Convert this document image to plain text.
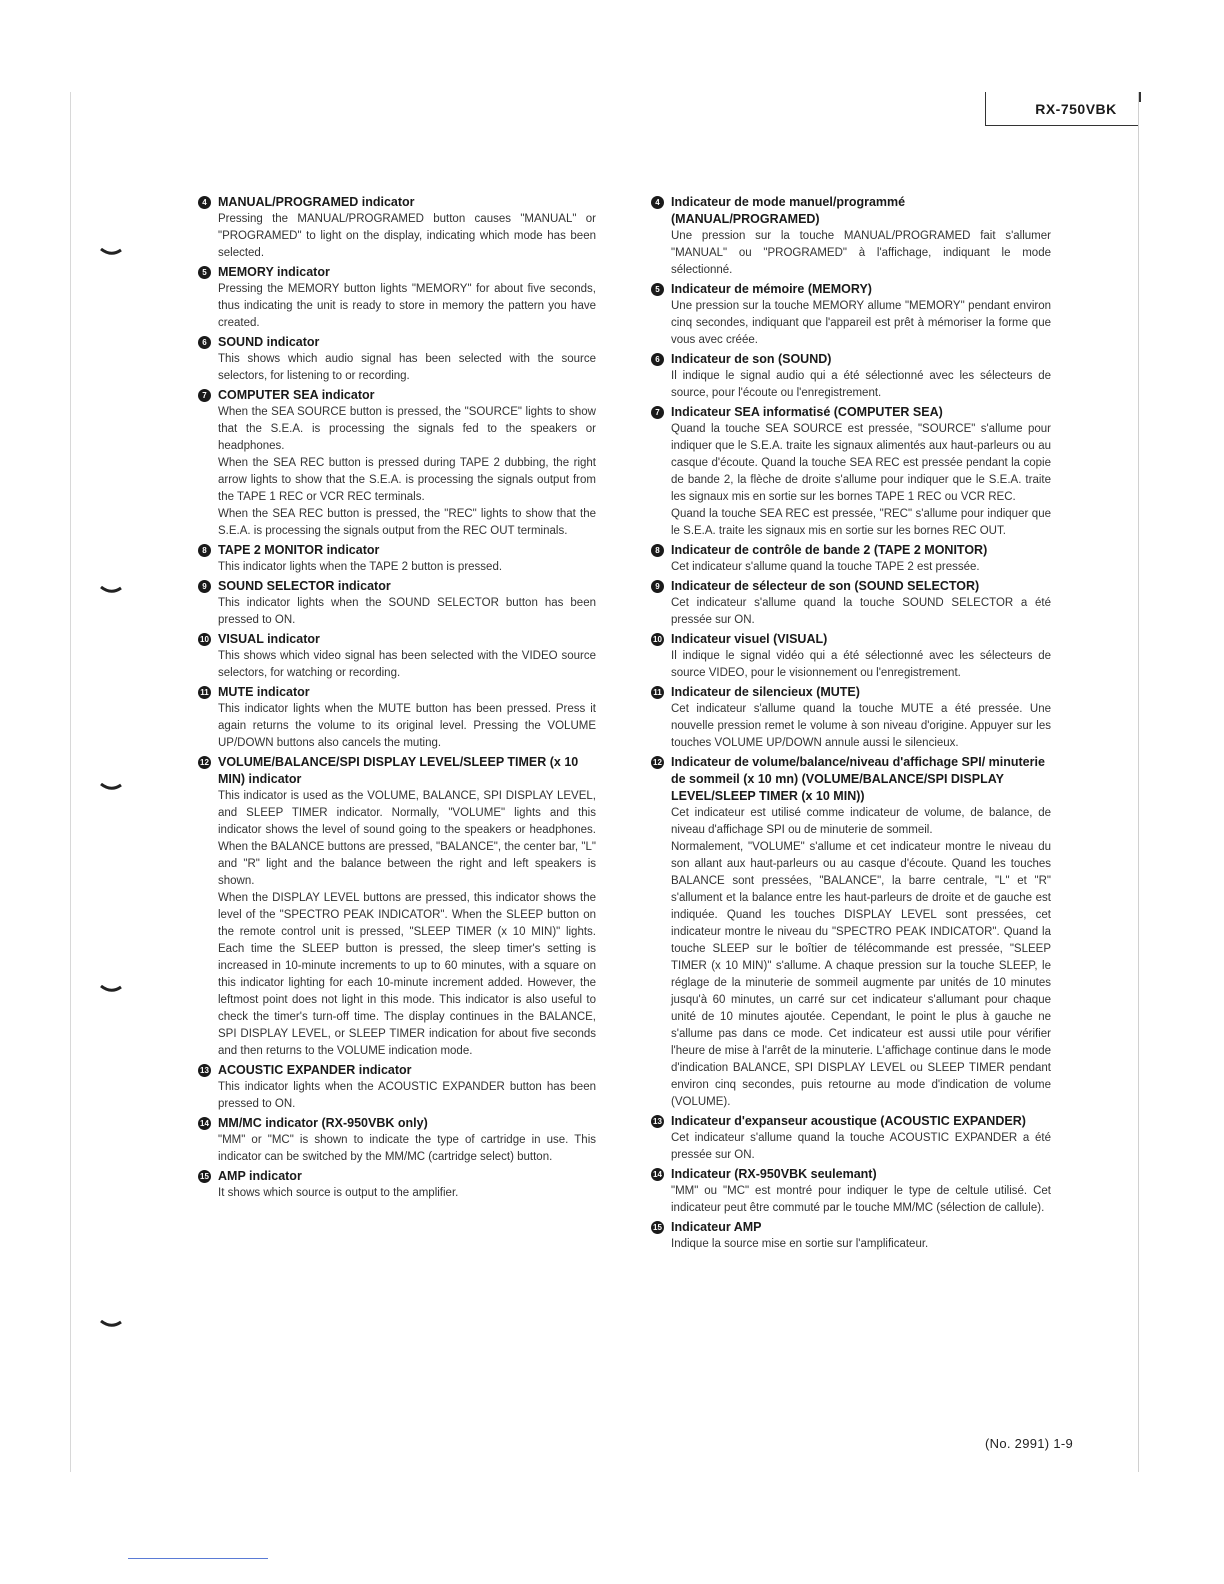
RX-750VBK
4 MANUAL/PROGRAMED indicator

Pressing the MANUAL/PROGRAMED button causes "MANUAL" or "PROGRAMED" to light on the display, indicating which mode has been selected.

5 MEMORY indicator

Pressing the MEMORY button lights "MEMORY" for about five seconds, thus indicating the unit is ready to store in memory the pattern you have created.

6 SOUND indicator

This shows which audio signal has been selected with the source selectors, for listening to or recording.

7 COMPUTER SEA indicator

When the SEA SOURCE button is pressed, the "SOURCE" lights to show that the S.E.A. is processing the signals fed to the speakers or headphones.

When the SEA REC button is pressed during TAPE 2 dubbing, the right arrow lights to show that the S.E.A. is processing the signals output from the TAPE 1 REC or VCR REC terminals.

When the SEA REC button is pressed, the "REC" lights to show that the S.E.A. is processing the signals output from the REC OUT terminals.

8 TAPE 2 MONITOR indicator

This indicator lights when the TAPE 2 button is pressed.

9 SOUND SELECTOR indicator

This indicator lights when the SOUND SELECTOR button has been pressed to ON.

10 VISUAL indicator

This shows which video signal has been selected with the VIDEO source selectors, for watching or recording.

11 MUTE indicator

This indicator lights when the MUTE button has been pressed. Press it again returns the volume to its original level. Pressing the VOLUME UP/DOWN buttons also cancels the muting.

12 VOLUME/BALANCE/SPI DISPLAY LEVEL/SLEEP TIMER (x 10 MIN) indicator

This indicator is used as the VOLUME, BALANCE, SPI DISPLAY LEVEL, and SLEEP TIMER indicator. Normally, "VOLUME" lights and this indicator shows the level of sound going to the speakers or headphones. When the BALANCE buttons are pressed, "BALANCE", the center bar, "L" and "R" light and the balance between the right and left speakers is shown.

When the DISPLAY LEVEL buttons are pressed, this indicator shows the level of the "SPECTRO PEAK INDICATOR". When the SLEEP button on the remote control unit is pressed, "SLEEP TIMER (x 10 MIN)" lights. Each time the SLEEP button is pressed, the sleep timer's setting is increased in 10-minute increments to up to 60 minutes, with a square on this indicator lighting for each 10-minute increment added. However, the leftmost point does not light in this mode. This indicator is also useful to check the timer's turn-off time. The display continues in the BALANCE, SPI DISPLAY LEVEL, or SLEEP TIMER indication for about five seconds and then returns to the VOLUME indication mode.

13 ACOUSTIC EXPANDER indicator

This indicator lights when the ACOUSTIC EXPANDER button has been pressed to ON.

14 MM/MC indicator (RX-950VBK only)

"MM" or "MC" is shown to indicate the type of cartridge in use. This indicator can be switched by the MM/MC (cartridge select) button.

15 AMP indicator

It shows which source is output to the amplifier.

4 Indicateur de mode manuel/programmé (MANUAL/PROGRAMED)

Une pression sur la touche MANUAL/PROGRAMED fait s'allumer "MANUAL" ou "PROGRAMED" à l'affichage, indiquant le mode sélectionné.

5 Indicateur de mémoire (MEMORY)

Une pression sur la touche MEMORY allume "MEMORY" pendant environ cinq secondes, indiquant que l'appareil est prêt à mémoriser la forme que vous avec créée.

6 Indicateur de son (SOUND)

Il indique le signal audio qui a été sélectionné avec les sélecteurs de source, pour l'écoute ou l'enregistrement.

7 Indicateur SEA informatisé (COMPUTER SEA)

Quand la touche SEA SOURCE est pressée, "SOURCE" s'allume pour indiquer que le S.E.A. traite les signaux alimentés aux haut-parleurs ou au casque d'écoute. Quand la touche SEA REC est pressée pendant la copie de bande 2, la flèche de droite s'allume pour indiquer que le S.E.A. traite les signaux mis en sortie sur les bornes TAPE 1 REC ou VCR REC.

Quand la touche SEA REC est pressée, "REC" s'allume pour indiquer que le S.E.A. traite les signaux mis en sortie sur les bornes REC OUT.

8 Indicateur de contrôle de bande 2 (TAPE 2 MONITOR)

Cet indicateur s'allume quand la touche TAPE 2 est pressée.

9 Indicateur de sélecteur de son (SOUND SELECTOR)

Cet indicateur s'allume quand la touche SOUND SELECTOR a été pressée sur ON.

10 Indicateur visuel (VISUAL)

Il indique le signal vidéo qui a été sélectionné avec les sélecteurs de source VIDEO, pour le visionnement ou l'enregistrement.

11 Indicateur de silencieux (MUTE)

Cet indicateur s'allume quand la touche MUTE a été pressée. Une nouvelle pression remet le volume à son niveau d'origine. Appuyer sur les touches VOLUME UP/DOWN annule aussi le silencieux.

12 Indicateur de volume/balance/niveau d'affichage SPI/ minuterie de sommeil (x 10 mn) (VOLUME/BALANCE/SPI DISPLAY LEVEL/SLEEP TIMER (x 10 MIN))

Cet indicateur est utilisé comme indicateur de volume, de balance, de niveau d'affichage SPI ou de minuterie de sommeil.

Normalement, "VOLUME" s'allume et cet indicateur montre le niveau du son allant aux haut-parleurs ou au casque d'écoute. Quand les touches BALANCE sont pressées, "BALANCE", la barre centrale, "L" et "R" s'allument et la balance entre les haut-parleurs de droite et de gauche est indiquée. Quand les touches DISPLAY LEVEL sont pressées, cet indicateur montre le niveau du "SPECTRO PEAK INDICATOR". Quand la touche SLEEP sur le boîtier de télécommande est pressée, "SLEEP TIMER (x 10 MIN)" s'allume. A chaque pression sur la touche SLEEP, le réglage de la minuterie de sommeil augmente par unités de 10 minutes jusqu'à 60 minutes, un carré sur cet indicateur s'allumant pour chaque unité de 10 minutes ajoutée. Cependant, le point le plus à gauche ne s'allume pas dans ce mode. Cet indicateur est aussi utile pour vérifier l'heure de mise à l'arrêt de la minuterie. L'affichage continue dans le mode d'indication BALANCE, SPI DISPLAY LEVEL ou SLEEP TIMER pendant environ cinq secondes, puis retourne au mode d'indication de volume (VOLUME).

13 Indicateur d'expanseur acoustique (ACOUSTIC EXPANDER)

Cet indicateur s'allume quand la touche ACOUSTIC EXPANDER a été pressée sur ON.

14 Indicateur (RX-950VBK seulemant)

"MM" ou "MC" est montré pour indiquer le type de celtule utilisé. Cet indicateur peut être commuté par le touche MM/MC (sélection de callule).

15 Indicateur AMP

Indique la source mise en sortie sur l'amplificateur.

(No. 2991) 1-9
